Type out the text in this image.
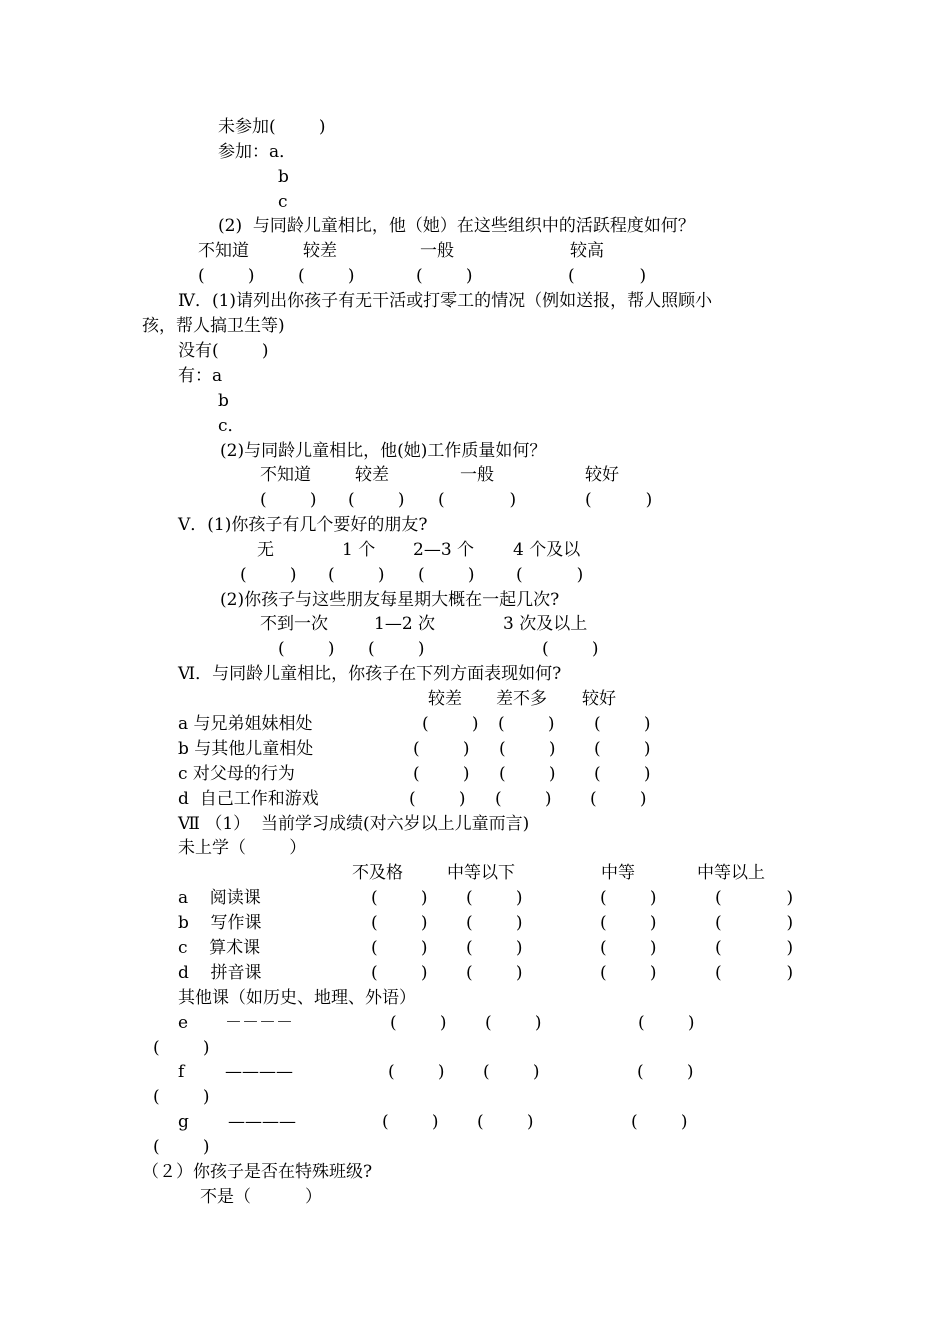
未参加(        )
参加：a．
b
c
(2)  与同龄儿童相比，他（她）在这些组织中的活跃程度如何？
不知道	较差	一般	较高
(        )	(        )	(        )	(            )
Ⅳ．(1)请列出你孩子有无干活或打零工的情况（例如送报，帮人照顾小
孩，帮人搞卫生等)
没有(        )
有：a
b
c．
(2)与同龄儿童相比，他(她)工作质量如何？
不知道	较差	一般	较好
(        ) (        ) (            )	(          )
Ⅴ．(1)你孩子有几个要好的朋友?
无	1 个 2—3 个 4 个及以
(        ) (        ) (        ) (          )
(2)你孩子与这些朋友每星期大概在一起几次?
不到一次	1—2 次	3 次及以上
(        ) (        )	(        )
Ⅵ．与同龄儿童相比，你孩子在下列方面表现如何?
较差 差不多 较好
a 与兄弟姐妹相处	(        ) (        ) (        )
b 与其他儿童相处	(        ) (        ) (        )
c 对父母的行为	(        ) (        ) (        )
d  自己工作和游戏	(        ) (        ) (        )
Ⅶ （1）  当前学习成绩(对六岁以上儿童而言)
未上学（        ）
不及格	中等以下	中等	中等以上
a    阅读课	(        ) (        )	(        )	(            )
b    写作课	(        ) (        )	(        )	(            )
c    算术课	(        ) (        )	(        )	(            )
d    拼音课	(        ) (        )	(        )	(            )
其他课（如历史、地理、外语）
e －－－－	(        ) (        )	(        )
(        )
f ————	(        ) (        )	(        )
(        )
g ————	(        ) (        )	(        )
(        )
（２）你孩子是否在特殊班级?
不是（          ）
